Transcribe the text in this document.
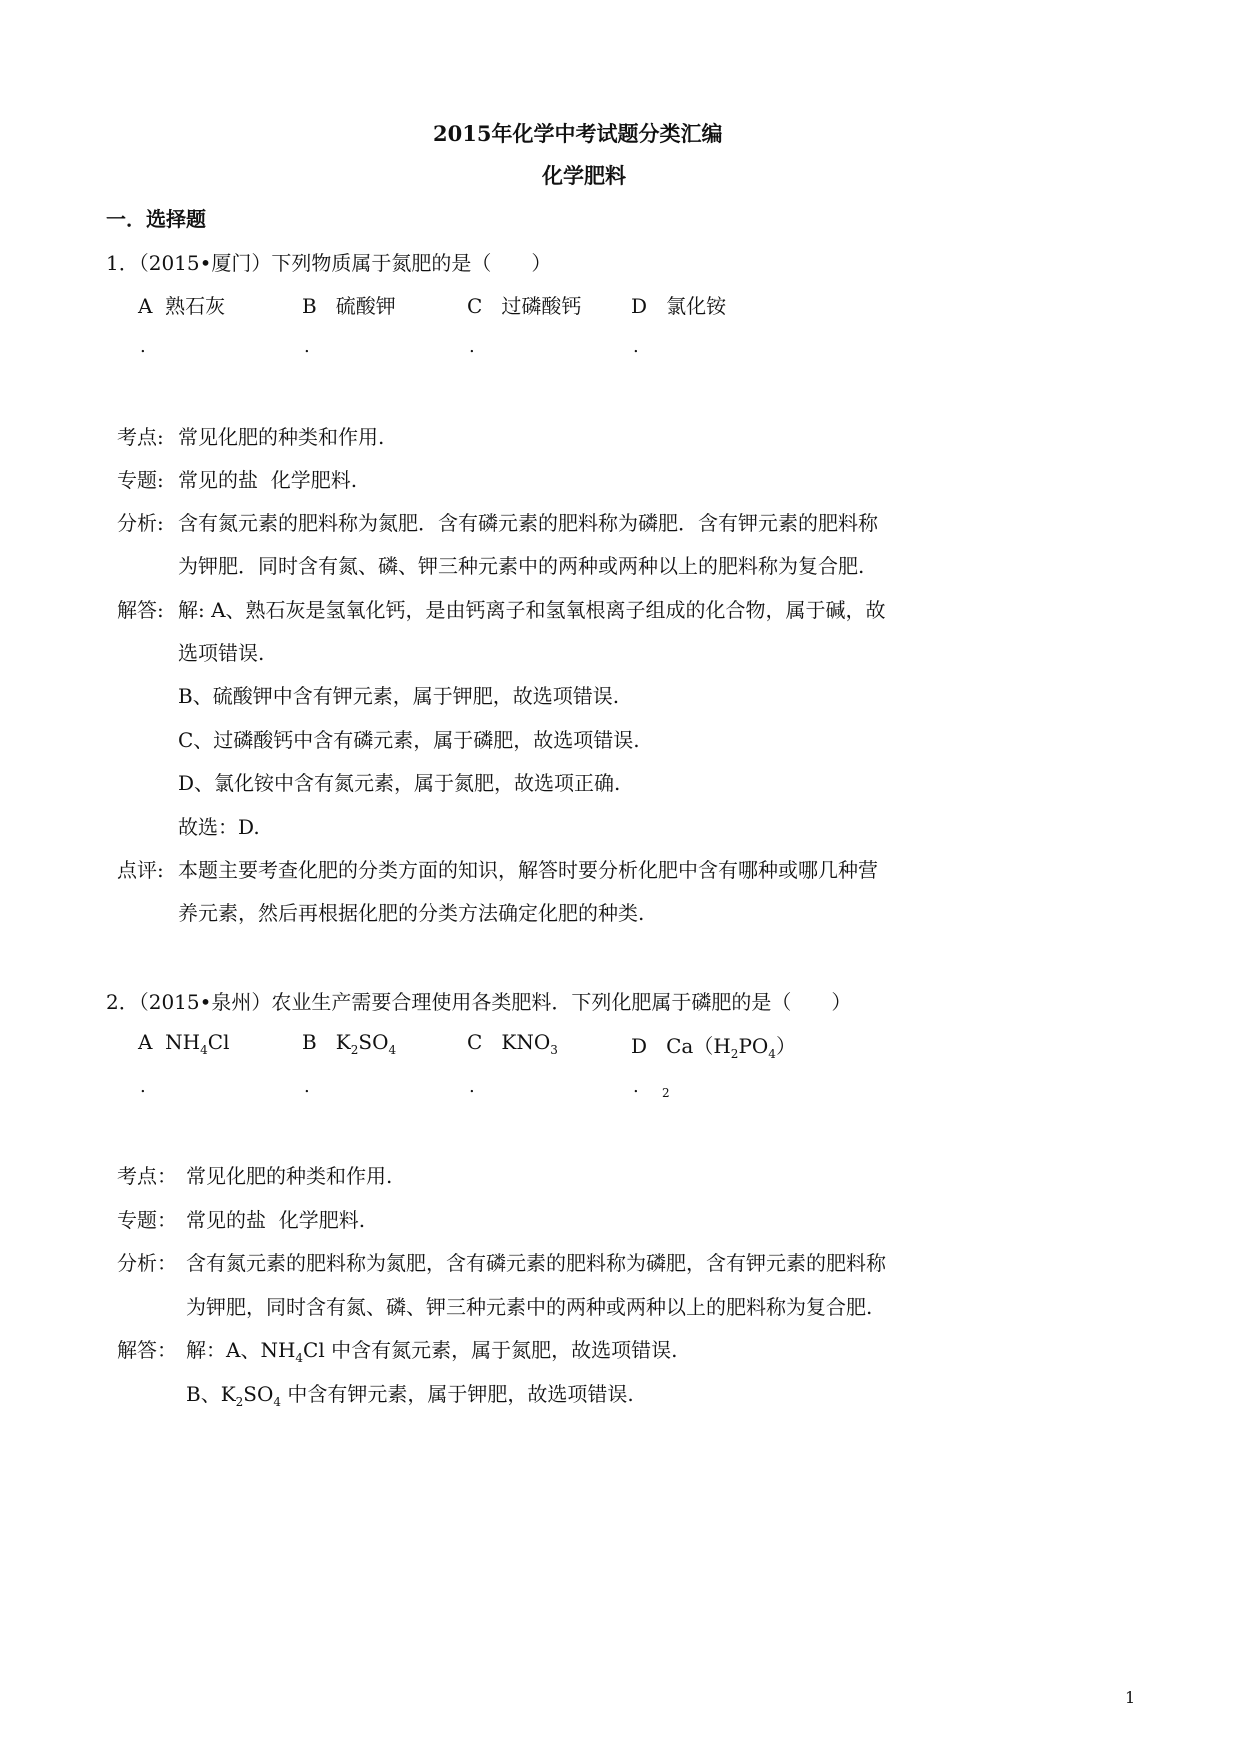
2015年化学中考试题分类汇编
化学肥料
一．选择题
1．（2015•厦门）下列物质属于氮肥的是（　　）
A 熟石灰	B 硫酸钾	C 过磷酸钙 D 氯化铵
.	.	.	.
考点: 常见化肥的种类和作用.
专题: 常见的盐  化学肥料.
分析: 含有氮元素的肥料称为氮肥．含有磷元素的肥料称为磷肥．含有钾元素的肥料称
为钾肥．同时含有氮、磷、钾三种元素中的两种或两种以上的肥料称为复合肥.
解答: 解: A、熟石灰是氢氧化钙，是由钙离子和氢氧根离子组成的化合物，属于碱，故
选项错误.
B、硫酸钾中含有钾元素，属于钾肥，故选项错误.
C、过磷酸钙中含有磷元素，属于磷肥，故选项错误.
D、氯化铵中含有氮元素，属于氮肥，故选项正确.
故选：D.
点评: 本题主要考查化肥的分类方面的知识，解答时要分析化肥中含有哪种或哪几种营
养元素，然后再根据化肥的分类方法确定化肥的种类.
2．（2015•泉州）农业生产需要合理使用各类肥料．下列化肥属于磷肥的是（　　）
A $NH_4Cl$	B $K_2SO_4$	C $KNO_3$	D $Ca(H_2PO_4)$
.	.	.	. 2
考点： 常见化肥的种类和作用.
专题： 常见的盐  化学肥料.
分析： 含有氮元素的肥料称为氮肥，含有磷元素的肥料称为磷肥，含有钾元素的肥料称
为钾肥，同时含有氮、磷、钾三种元素中的两种或两种以上的肥料称为复合肥.
解答： 解：A、$NH_4Cl$ 中含有氮元素，属于氮肥，故选项错误.
B、$K_2SO_4$ 中含有钾元素，属于钾肥，故选项错误.
1
